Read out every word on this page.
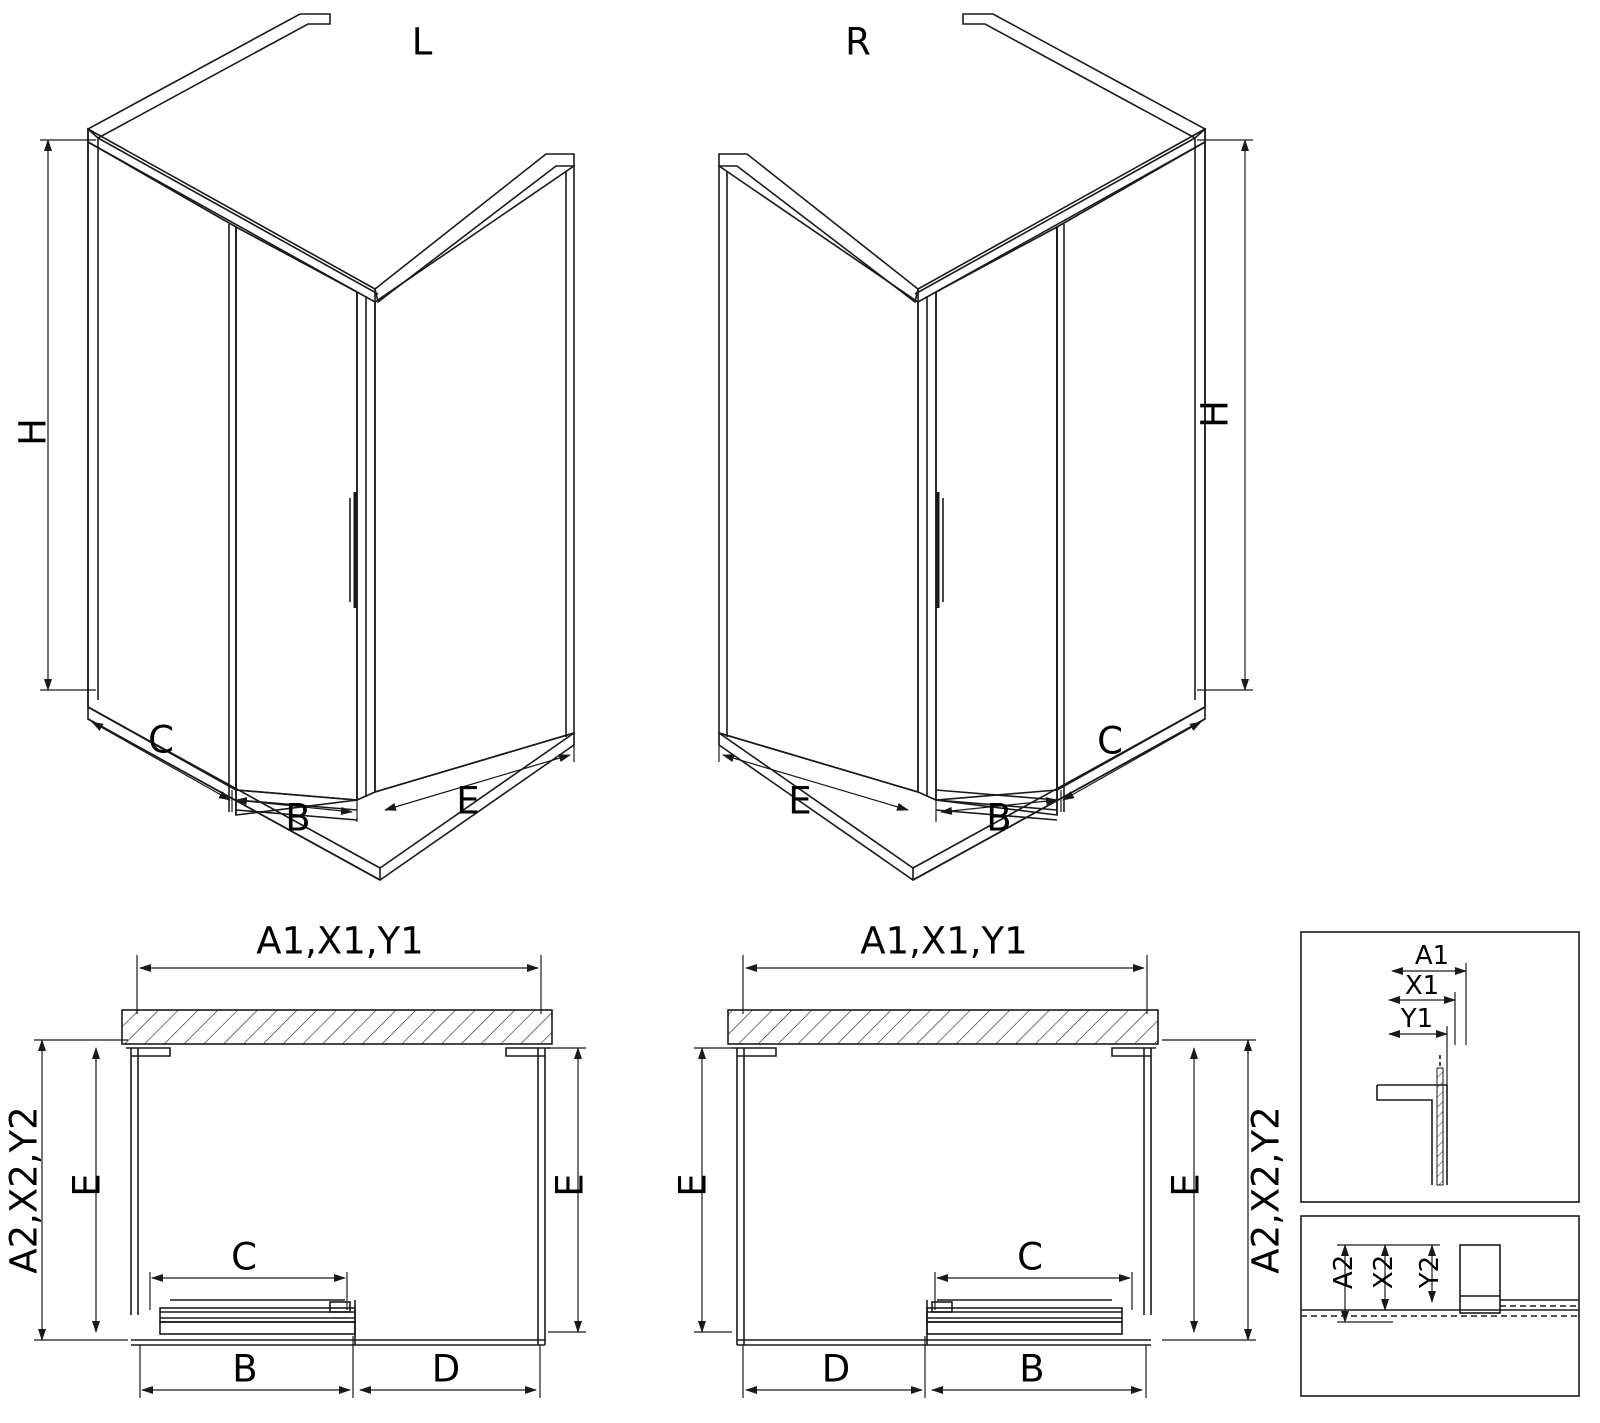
L
H
C
B	E
R
H
C
B
E
A1,X1,Y1
A2,X2,Y2 E	E
C
B	D
A1,X1,Y1
A2,X2,Y2
E	E
C
D	B
A1
X1
Y1
A2 X2 Y2
